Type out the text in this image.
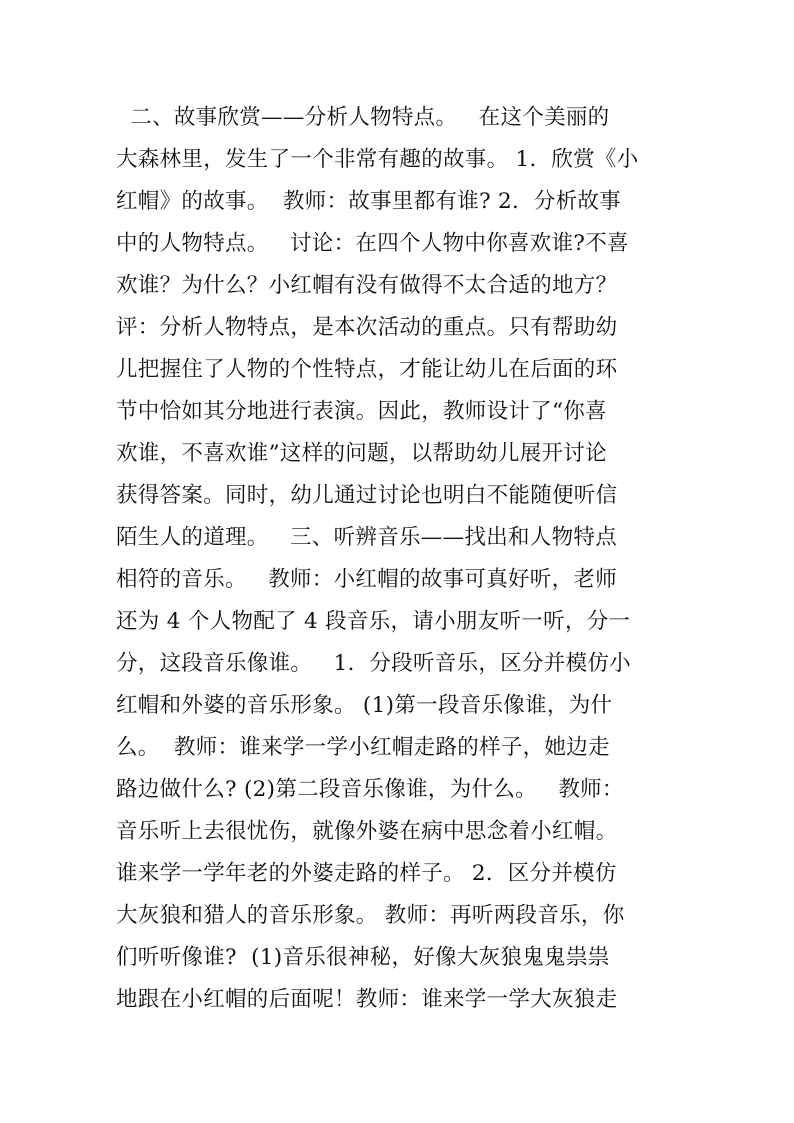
二、故事欣赏——分析人物特点。   在这个美丽的
大森林里，发生了一个非常有趣的故事。 1．欣赏《小
红帽》的故事。  教师：故事里都有谁? 2．分析故事
中的人物特点。   讨论：在四个人物中你喜欢谁?不喜
欢谁？为什么？小红帽有没有做得不太合适的地方？
评：分析人物特点，是本次活动的重点。只有帮助幼
儿把握住了人物的个性特点，才能让幼儿在后面的环
节中恰如其分地进行表演。因此，教师设计了“你喜
欢谁，不喜欢谁”这样的问题，以帮助幼儿展开讨论
获得答案。同时，幼儿通过讨论也明白不能随便听信
陌生人的道理。   三、听辨音乐——找出和人物特点
相符的音乐。   教师：小红帽的故事可真好听，老师
还为 4 个人物配了 4 段音乐，请小朋友听一听，分一
分，这段音乐像谁。   1．分段听音乐，区分并模仿小
红帽和外婆的音乐形象。 (1)第一段音乐像谁，为什
么。  教师：谁来学一学小红帽走路的样子，她边走
路边做什么? (2)第二段音乐像谁，为什么。   教师：
音乐听上去很忧伤，就像外婆在病中思念着小红帽。
谁来学一学年老的外婆走路的样子。 2．区分并模仿
大灰狼和猎人的音乐形象。 教师：再听两段音乐，你
们听听像谁?  (1)音乐很神秘，好像大灰狼鬼鬼祟祟
地跟在小红帽的后面呢！教师：谁来学一学大灰狼走
